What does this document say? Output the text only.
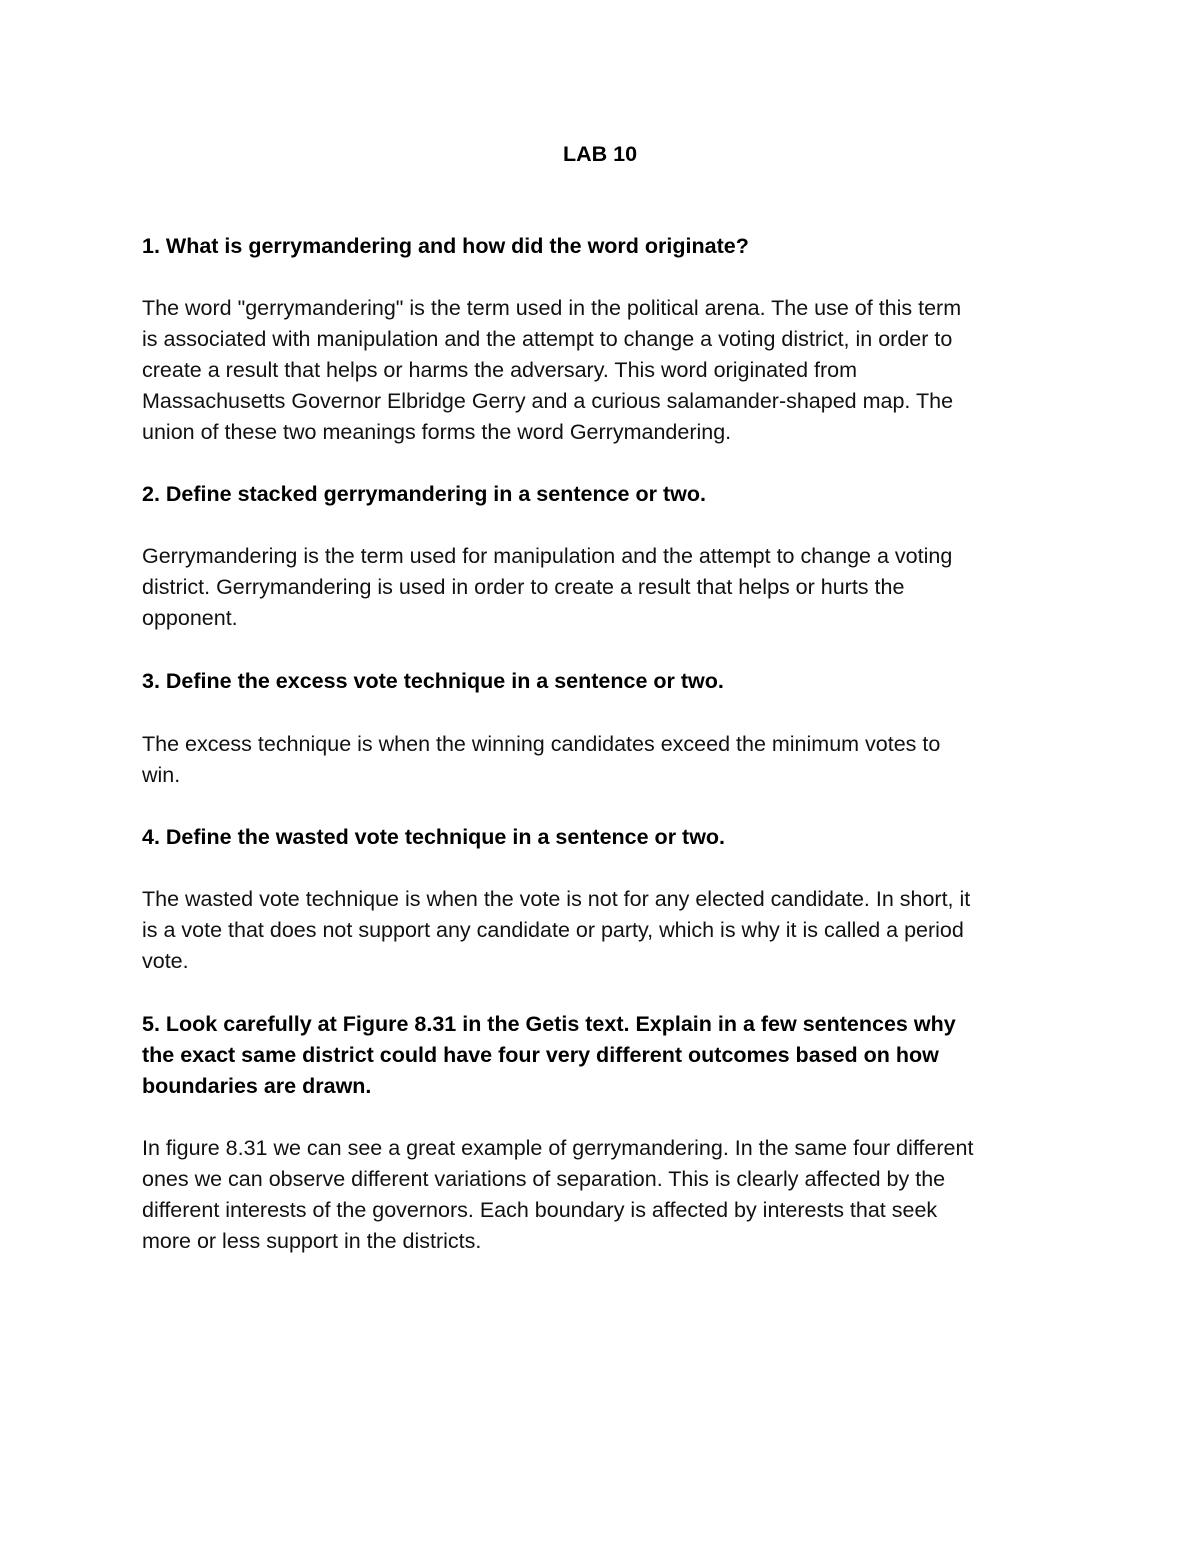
LAB 10
1. What is gerrymandering and how did the word originate?
The word "gerrymandering" is the term used in the political arena. The use of this term
is associated with manipulation and the attempt to change a voting district, in order to
create a result that helps or harms the adversary. This word originated from
Massachusetts Governor Elbridge Gerry and a curious salamander-shaped map. The
union of these two meanings forms the word Gerrymandering.
2. Define stacked gerrymandering in a sentence or two.
Gerrymandering is the term used for manipulation and the attempt to change a voting
district. Gerrymandering is used in order to create a result that helps or hurts the
opponent.
3. Define the excess vote technique in a sentence or two.
The excess technique is when the winning candidates exceed the minimum votes to
win.
4. Define the wasted vote technique in a sentence or two.
The wasted vote technique is when the vote is not for any elected candidate. In short, it
is a vote that does not support any candidate or party, which is why it is called a period
vote.
5. Look carefully at Figure 8.31 in the Getis text. Explain in a few sentences why
the exact same district could have four very different outcomes based on how
boundaries are drawn.
In figure 8.31 we can see a great example of gerrymandering. In the same four different
ones we can observe different variations of separation. This is clearly affected by the
different interests of the governors. Each boundary is affected by interests that seek
more or less support in the districts.
